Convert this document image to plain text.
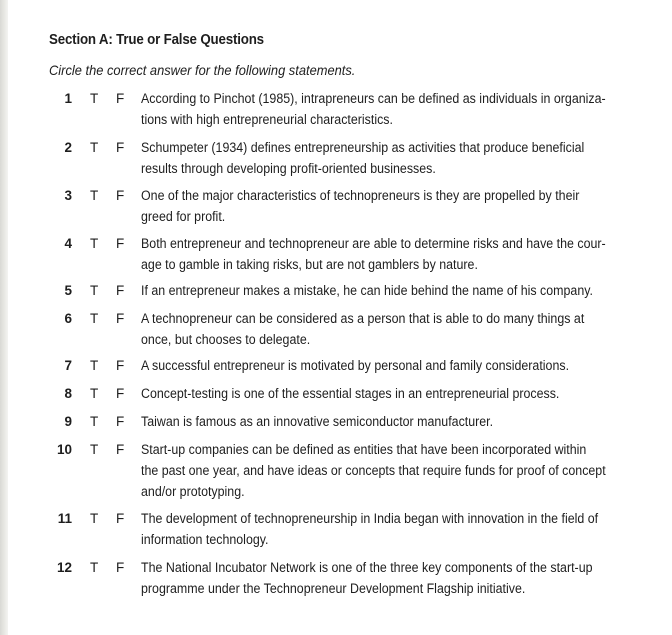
Section A: True or False Questions
Circle the correct answer for the following statements.
1 T F According to Pinchot (1985), intrapreneurs can be defined as individuals in organiza-
tions with high entrepreneurial characteristics.
2 T F Schumpeter (1934) defines entrepreneurship as activities that produce beneficial
results through developing profit-oriented businesses.
3 T F One of the major characteristics of technopreneurs is they are propelled by their
greed for profit.
4 T F Both entrepreneur and technopreneur are able to determine risks and have the cour-
age to gamble in taking risks, but are not gamblers by nature.
5 T F If an entrepreneur makes a mistake, he can hide behind the name of his company.
6 T F A technopreneur can be considered as a person that is able to do many things at
once, but chooses to delegate.
7 T F A successful entrepreneur is motivated by personal and family considerations.
8 T F Concept-testing is one of the essential stages in an entrepreneurial process.
9 T F Taiwan is famous as an innovative semiconductor manufacturer.
10 T F Start-up companies can be defined as entities that have been incorporated within
the past one year, and have ideas or concepts that require funds for proof of concept
and/or prototyping.
11 T F The development of technopreneurship in India began with innovation in the field of
information technology.
12 T F The National Incubator Network is one of the three key components of the start-up
programme under the Technopreneur Development Flagship initiative.
